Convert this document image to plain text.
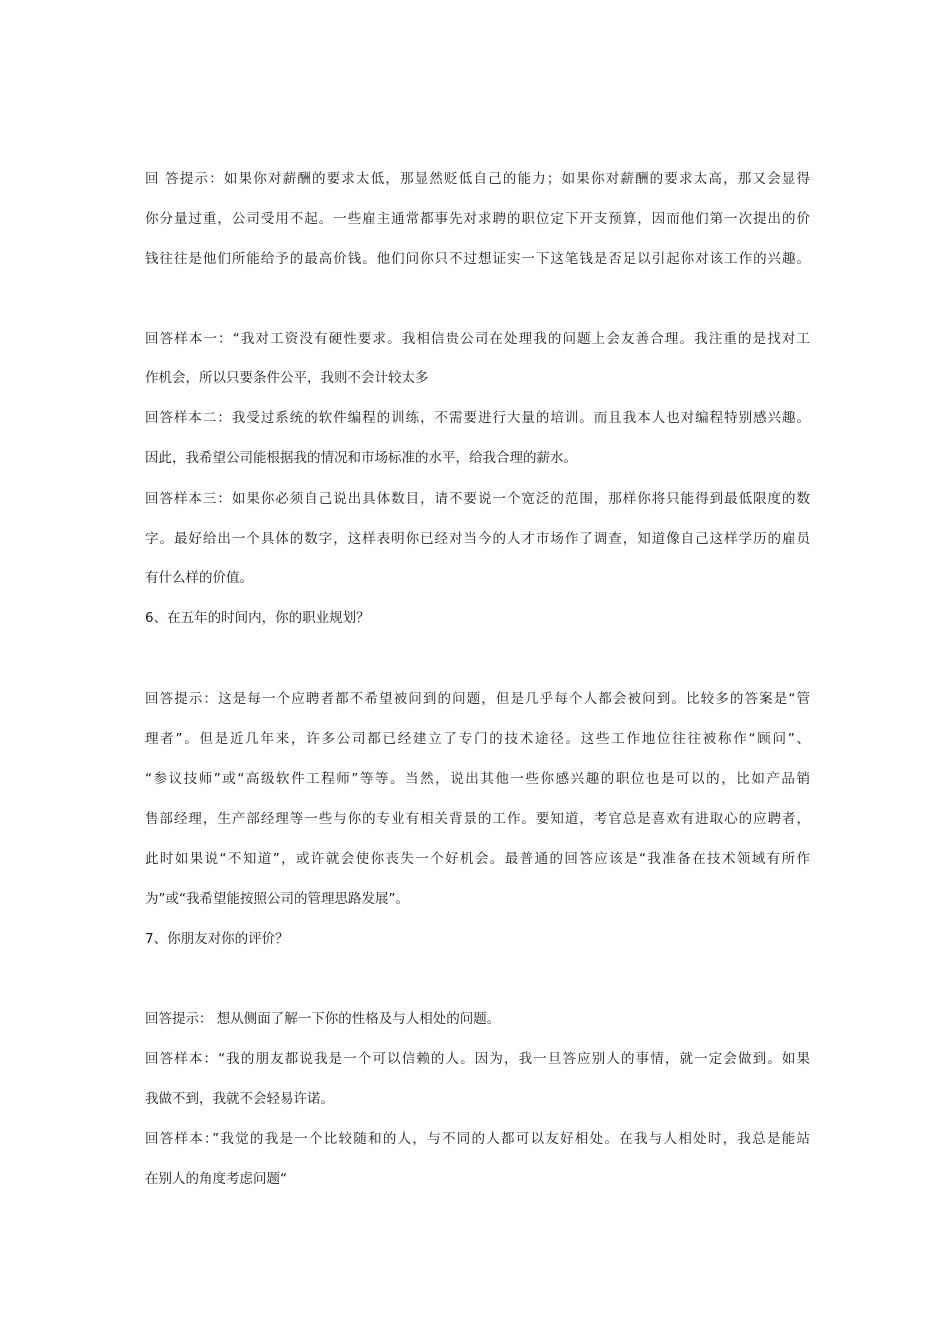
回 答提示：如果你对薪酬的要求太低，那显然贬低自己的能力；如果你对薪酬的要求太高，那又会显得
你分量过重，公司受用不起。一些雇主通常都事先对求聘的职位定下开支预算，因而他们第一次提出的价
钱往往是他们所能给予的最高价钱。他们问你只不过想证实一下这笔钱是否足以引起你对该工作的兴趣。
回答样本一：“我对工资没有硬性要求。我相信贵公司在处理我的问题上会友善合理。我注重的是找对工
作机会，所以只要条件公平，我则不会计较太多
回答样本二：我受过系统的软件编程的训练，不需要进行大量的培训。而且我本人也对编程特别感兴趣。
因此，我希望公司能根据我的情况和市场标准的水平，给我合理的薪水。
回答样本三：如果你必须自己说出具体数目，请不要说一个宽泛的范围，那样你将只能得到最低限度的数
字。最好给出一个具体的数字，这样表明你已经对当今的人才市场作了调查，知道像自己这样学历的雇员
有什么样的价值。
6、在五年的时间内，你的职业规划？
回答提示：这是每一个应聘者都不希望被问到的问题，但是几乎每个人都会被问到。比较多的答案是“管
理者”。但是近几年来，许多公司都已经建立了专门的技术途径。这些工作地位往往被称作“顾问”、
“参议技师”或“高级软件工程师”等等。当然，说出其他一些你感兴趣的职位也是可以的，比如产品销
售部经理，生产部经理等一些与你的专业有相关背景的工作。要知道，考官总是喜欢有进取心的应聘者，
此时如果说“不知道”，或许就会使你丧失一个好机会。最普通的回答应该是“我准备在技术领域有所作
为”或“我希望能按照公司的管理思路发展”。
7、你朋友对你的评价？
回答提示： 想从侧面了解一下你的性格及与人相处的问题。
回答样本：“我的朋友都说我是一个可以信赖的人。因为，我一旦答应别人的事情，就一定会做到。如果
我做不到，我就不会轻易许诺。
回答样本：”我觉的我是一个比较随和的人，与不同的人都可以友好相处。在我与人相处时，我总是能站
在别人的角度考虑问题“
